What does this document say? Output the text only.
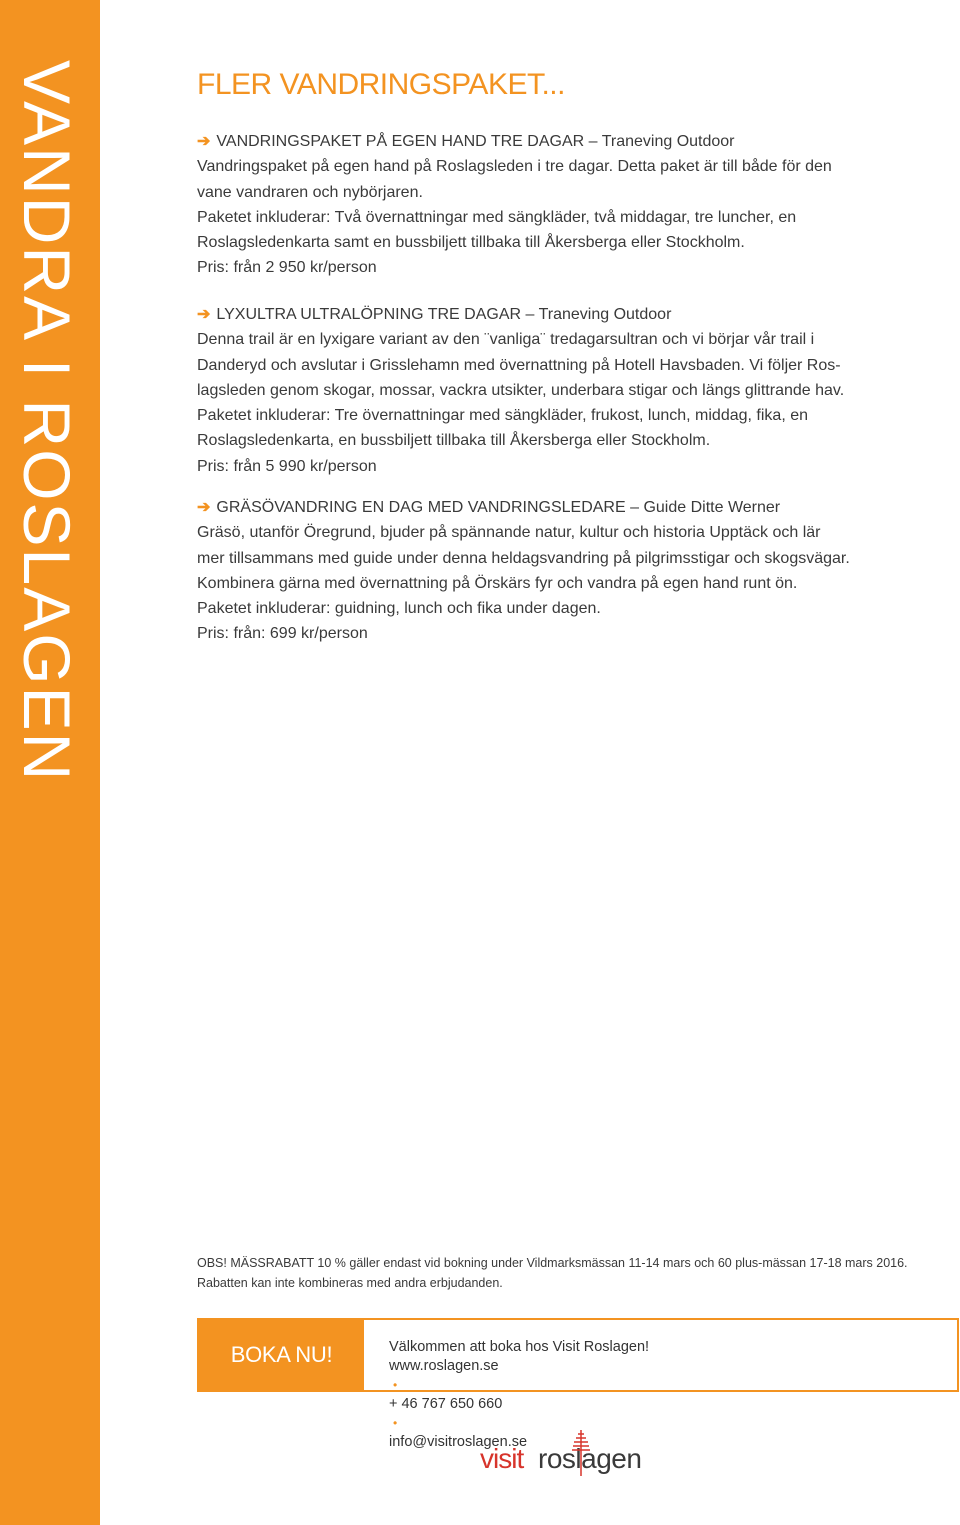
VANDRA I ROSLAGEN	FLER VANDRINGSPAKET...
➔ VANDRINGSPAKET PÅ EGEN HAND TRE DAGAR – Traneving Outdoor
Vandringspaket på egen hand på Roslagsleden i tre dagar. Detta paket är till både för den
vane vandraren och nybörjaren.
Paketet inkluderar: Två övernattningar med sängkläder, två middagar, tre luncher, en
Roslagsledenkarta samt en bussbiljett tillbaka till Åkersberga eller Stockholm.
Pris: från 2 950 kr/person
➔ LYXULTRA ULTRALÖPNING TRE DAGAR – Traneving Outdoor
Denna trail är en lyxigare variant av den ¨vanliga¨ tredagarsultran och vi börjar vår trail i
Danderyd och avslutar i Grisslehamn med övernattning på Hotell Havsbaden. Vi följer Ros-
lagsleden genom skogar, mossar, vackra utsikter, underbara stigar och längs glittrande hav.
Paketet inkluderar: Tre övernattningar med sängkläder, frukost, lunch, middag, fika, en
Roslagsledenkarta, en bussbiljett tillbaka till Åkersberga eller Stockholm.
Pris: från 5 990 kr/person
➔ GRÄSÖVANDRING EN DAG MED VANDRINGSLEDARE – Guide Ditte Werner
Gräsö, utanför Öregrund, bjuder på spännande natur, kultur och historia Upptäck och lär
mer tillsammans med guide under denna heldagsvandring på pilgrimsstigar och skogsvägar.
Kombinera gärna med övernattning på Örskärs fyr och vandra på egen hand runt ön.
Paketet inkluderar: guidning, lunch och fika under dagen.
Pris: från: 699 kr/person
OBS! MÄSSRABATT 10 % gäller endast vid bokning under Vildmarksmässan 11-14 mars och 60 plus-mässan 17-18 mars 2016.
Rabatten kan inte kombineras med andra erbjudanden.
BOKA NU!	Välkommen att boka hos Visit Roslagen!
www.roslagen.se
•
+ 46 767 650 660
•
info@visitroslagen.se
visit roslagen
